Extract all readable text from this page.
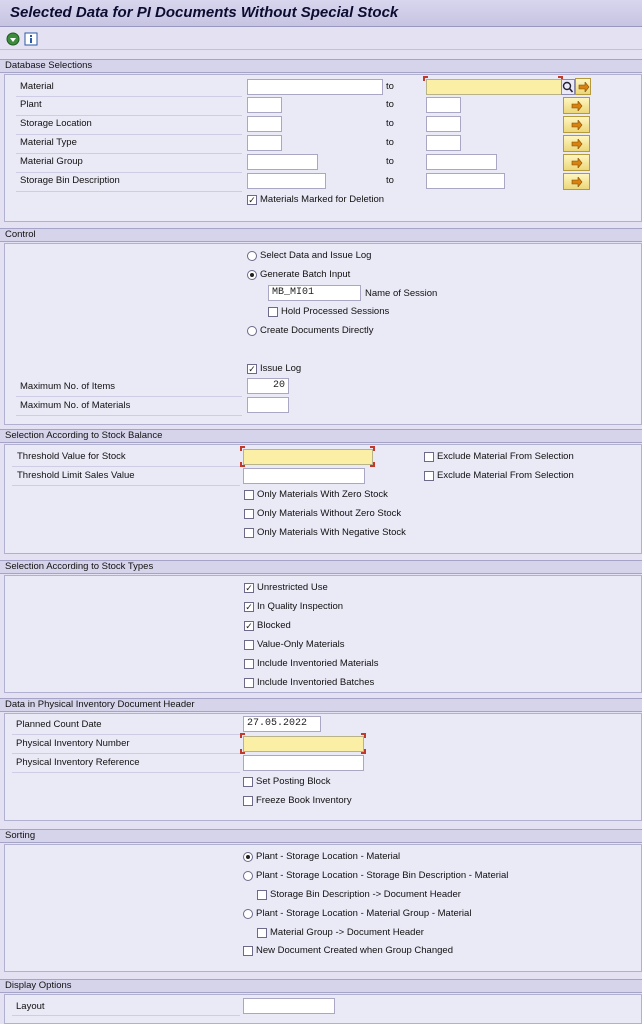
Selected Data for PI Documents Without Special Stock
Database Selections
Material	to
Plant	to
Storage Location	to
Material Type	to
Material Group	to
Storage Bin Description	to
✓ Materials Marked for Deletion
Control
Select Data and Issue Log
Generate Batch Input
MB_MI01	Name of Session
Hold Processed Sessions
Create Documents Directly
✓ Issue Log
Maximum No. of Items	20
Maximum No. of Materials
Selection According to Stock Balance
Threshold Value for Stock	Exclude Material From Selection
Threshold Limit Sales Value	Exclude Material From Selection
Only Materials With Zero Stock
Only Materials Without Zero Stock
Only Materials With Negative Stock
Selection According to Stock Types
✓ Unrestricted Use
✓ In Quality Inspection
✓ Blocked
Value-Only Materials
Include Inventoried Materials
Include Inventoried Batches
Data in Physical Inventory Document Header
Planned Count Date	27.05.2022
Physical Inventory Number
Physical Inventory Reference
Set Posting Block
Freeze Book Inventory
Sorting
Plant - Storage Location - Material
Plant - Storage Location - Storage Bin Description - Material
Storage Bin Description -> Document Header
Plant - Storage Location - Material Group - Material
Material Group -> Document Header
New Document Created when Group Changed
Display Options
Layout
